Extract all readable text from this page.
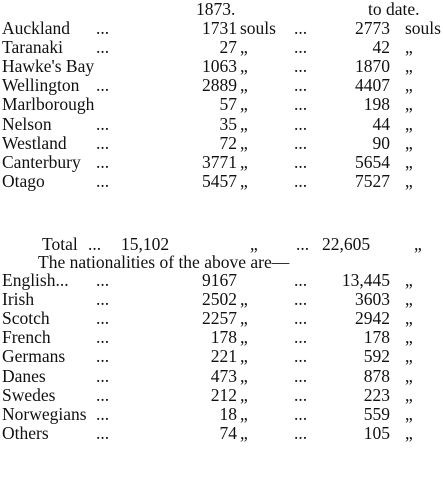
1873.	to date.
Auckland ...	1731 souls ...	2773 souls
Taranaki ...	27 „	...	42 „
Hawke's Bay	1063 „	...	1870 „
Wellington ...	2889 „	...	4407 „
Marlborough	57 „	...	198 „
Nelson	...	35 „	...	44 „
Westland ...	72 „	...	90 „
Canterbury ...	3771 „	...	5654 „
Otago	...	5457 „	...	7527 „
Total ... 15,102	„ ... 22,605	„
The nationalities of the above are—
English... ...	9167	... 13,445 „
Irish	...	2502 „	...	3603 „
Scotch	...	2257 „	...	2942 „
French	...	178 „	...	178 „
Germans ...	221 „	...	592 „
Danes	...	473 „	...	878 „
Swedes ...	212 „	...	223 „
Norwegians ...	18 „	...	559 „
Others	...	74 „	...	105 „
